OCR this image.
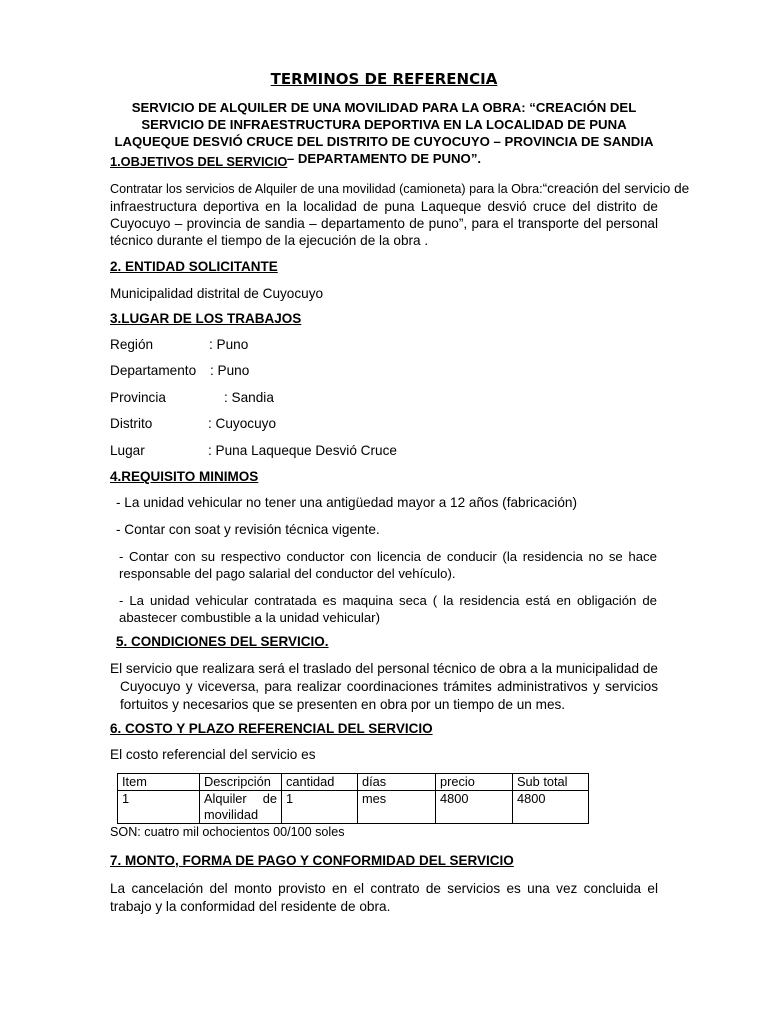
TERMINOS DE REFERENCIA
SERVICIO DE ALQUILER DE UNA MOVILIDAD PARA LA OBRA: “CREACIÓN DEL SERVICIO DE INFRAESTRUCTURA DEPORTIVA EN LA LOCALIDAD DE PUNA LAQUEQUE DESVIÓ CRUCE DEL DISTRITO DE CUYOCUYO – PROVINCIA DE SANDIA – DEPARTAMENTO DE PUNO”.
1.OBJETIVOS DEL SERVICIO
Contratar los servicios de Alquiler de una movilidad (camioneta) para la Obra: “creación del servicio de
infraestructura deportiva en la localidad de puna Laqueque desvió cruce del distrito de Cuyocuyo – provincia de sandia – departamento de puno”, para el transporte del personal técnico durante el tiempo de la ejecución de la obra .
2. ENTIDAD SOLICITANTE
Municipalidad distrital de Cuyocuyo
3.LUGAR DE LOS TRABAJOS
Región	: Puno
Departamento : Puno
Provincia	: Sandia
Distrito	: Cuyocuyo
Lugar	: Puna Laqueque Desvió Cruce
4.REQUISITO MINIMOS
- La unidad vehicular no tener una antigüedad mayor a 12 años (fabricación)
- Contar con soat y revisión técnica vigente.
- Contar con su respectivo conductor con licencia de conducir (la residencia no se hace responsable del pago salarial del conductor del vehículo).
- La unidad vehicular contratada es maquina seca ( la residencia está en obligación de abastecer combustible a la unidad vehicular)
5. CONDICIONES DEL SERVICIO.
El servicio que realizara será el traslado del personal técnico de obra a la municipalidad de Cuyocuyo y viceversa, para realizar coordinaciones trámites administrativos y servicios fortuitos y necesarios que se presenten en obra por un tiempo de un mes.
6. COSTO Y PLAZO REFERENCIAL DEL SERVICIO
El costo referencial del servicio es
Item	Descripción	cantidad	días	precio	Sub total
1	Alquiler de
movilidad	1	mes	4800	4800
SON: cuatro mil ochocientos 00/100 soles
7. MONTO, FORMA DE PAGO Y CONFORMIDAD DEL SERVICIO
La cancelación del monto provisto en el contrato de servicios es una vez concluida el trabajo y la conformidad del residente de obra.
